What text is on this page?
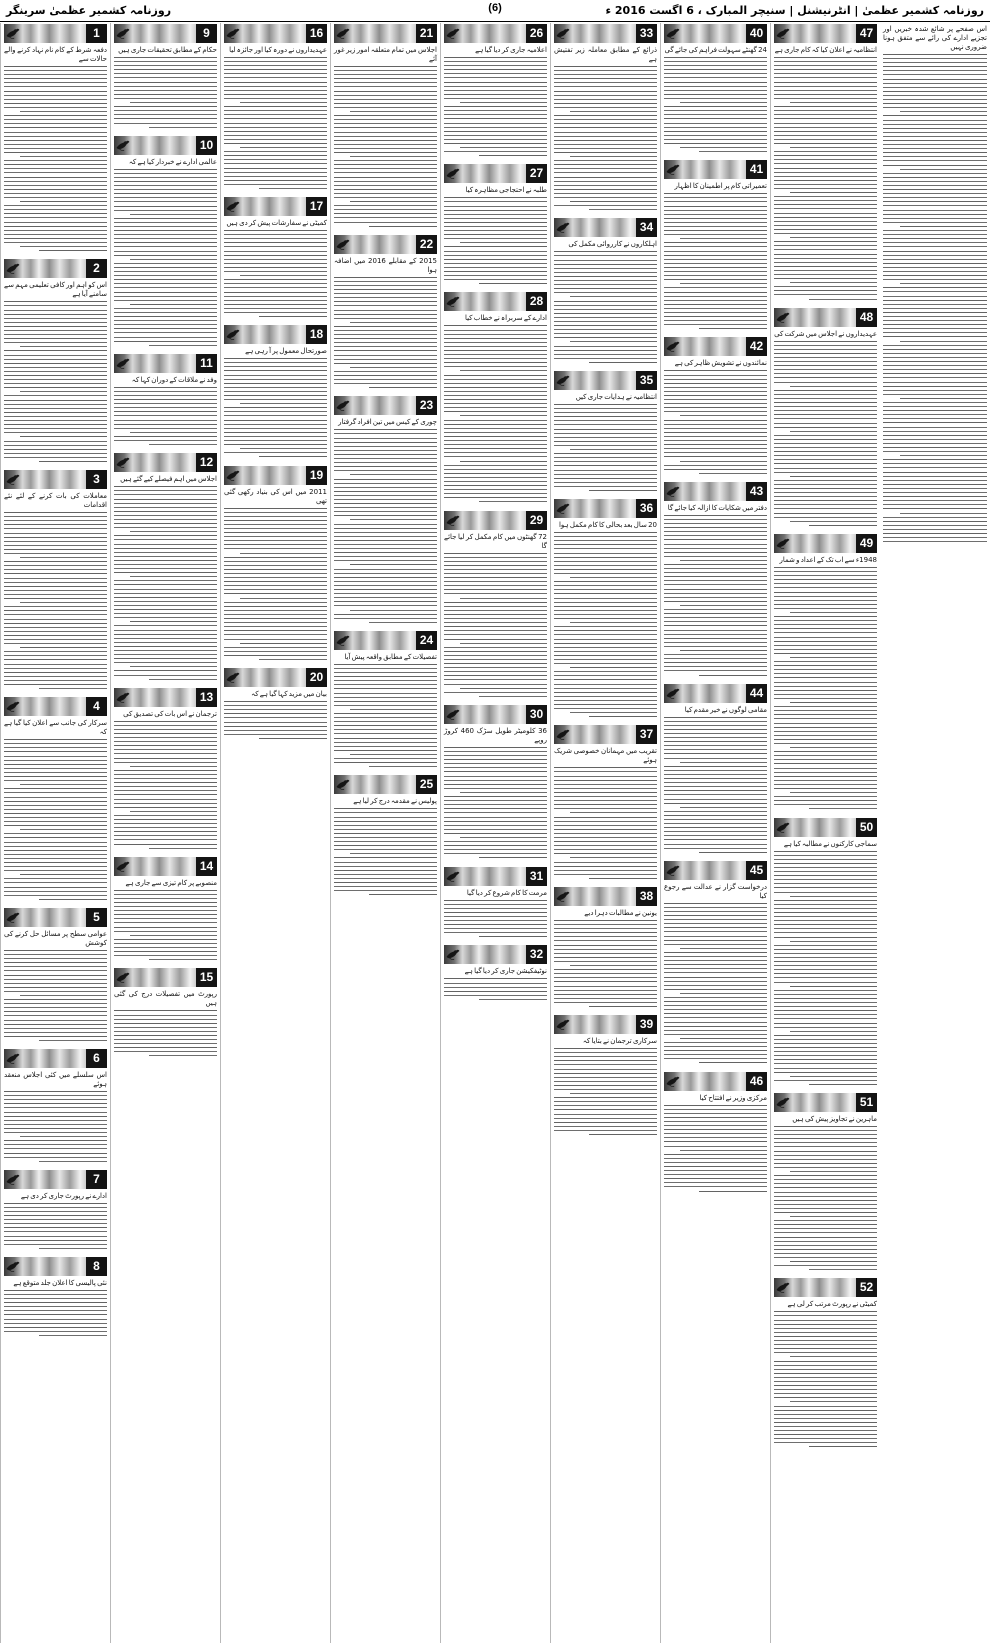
روزنامہ کشمیر عظمیٰ | انٹرنیشنل | سنیچر المبارک ، 6 اگست 2016 ء
روزنامہ کشمیر عظمیٰ سرینگر	(6)
1

دفعہ شرط کے کام نام نہاد کرنے والے حالات سے

2

اس کو اہم اور کافی تعلیمی مہم سے سامنے آیا ہے

3

معاملات کی بات کرنے کے لئے نئے اقدامات

4

سرکار کی جانب سے اعلان کیا گیا ہے کہ

5

عوامی سطح پر مسائل حل کرنے کی کوشش

6

اس سلسلے میں کئی اجلاس منعقد ہوئے

7

ادارے نے رپورٹ جاری کر دی ہے

8

نئی پالیسی کا اعلان جلد متوقع ہے

9

حکام کے مطابق تحقیقات جاری ہیں

10

عالمی ادارے نے خبردار کیا ہے کہ

11

وفد نے ملاقات کے دوران کہا کہ

12

اجلاس میں اہم فیصلے کیے گئے ہیں

13

ترجمان نے اس بات کی تصدیق کی

14

منصوبے پر کام تیزی سے جاری ہے

15

رپورٹ میں تفصیلات درج کی گئی ہیں

16

عہدیداروں نے دورہ کیا اور جائزہ لیا

17

کمیٹی نے سفارشات پیش کر دی ہیں

18

صورتحال معمول پر آ رہی ہے

19

2011 میں اس کی بنیاد رکھی گئی تھی

20

بیان میں مزید کہا گیا ہے کہ

21

اجلاس میں تمام متعلقہ امور زیر غور آئے

22

2015 کے مقابلے 2016 میں اضافہ ہوا

23

چوری کے کیس میں تین افراد گرفتار

24

تفصیلات کے مطابق واقعہ پیش آیا

25

پولیس نے مقدمہ درج کر لیا ہے

26

اعلامیہ جاری کر دیا گیا ہے

27

طلبہ نے احتجاجی مظاہرہ کیا

28

ادارے کے سربراہ نے خطاب کیا

29

72 گھنٹوں میں کام مکمل کر لیا جائے گا

30

36 کلومیٹر طویل سڑک 460 کروڑ روپے

31

مرمت کا کام شروع کر دیا گیا

32

نوٹیفکیشن جاری کر دیا گیا ہے

33

ذرائع کے مطابق معاملہ زیر تفتیش ہے

34

اہلکاروں نے کارروائی مکمل کی

35

انتظامیہ نے ہدایات جاری کیں

36

20 سال بعد بحالی کا کام مکمل ہوا

37

تقریب میں مہمانان خصوصی شریک ہوئے

38

یونین نے مطالبات دہرا دیے

39

سرکاری ترجمان نے بتایا کہ

40

24 گھنٹے سہولت فراہم کی جائے گی

41

تعمیراتی کام پر اطمینان کا اظہار

42

نمائندوں نے تشویش ظاہر کی ہے

43

دفتر میں شکایات کا ازالہ کیا جائے گا

44

مقامی لوگوں نے خیر مقدم کیا

45

درخواست گزار نے عدالت سے رجوع کیا

46

مرکزی وزیر نے افتتاح کیا

47

انتظامیہ نے اعلان کیا کہ کام جاری ہے

48

عہدیداروں نے اجلاس میں شرکت کی

49

1948ء سے اب تک کے اعداد و شمار

50

سماجی کارکنوں نے مطالبہ کیا ہے

51

ماہرین نے تجاویز پیش کی ہیں

52

کمیٹی نے رپورٹ مرتب کر لی ہے

اس صفحے پر شائع شدہ خبریں اور تجزیے ادارے کی رائے سے متفق ہونا ضروری نہیں
